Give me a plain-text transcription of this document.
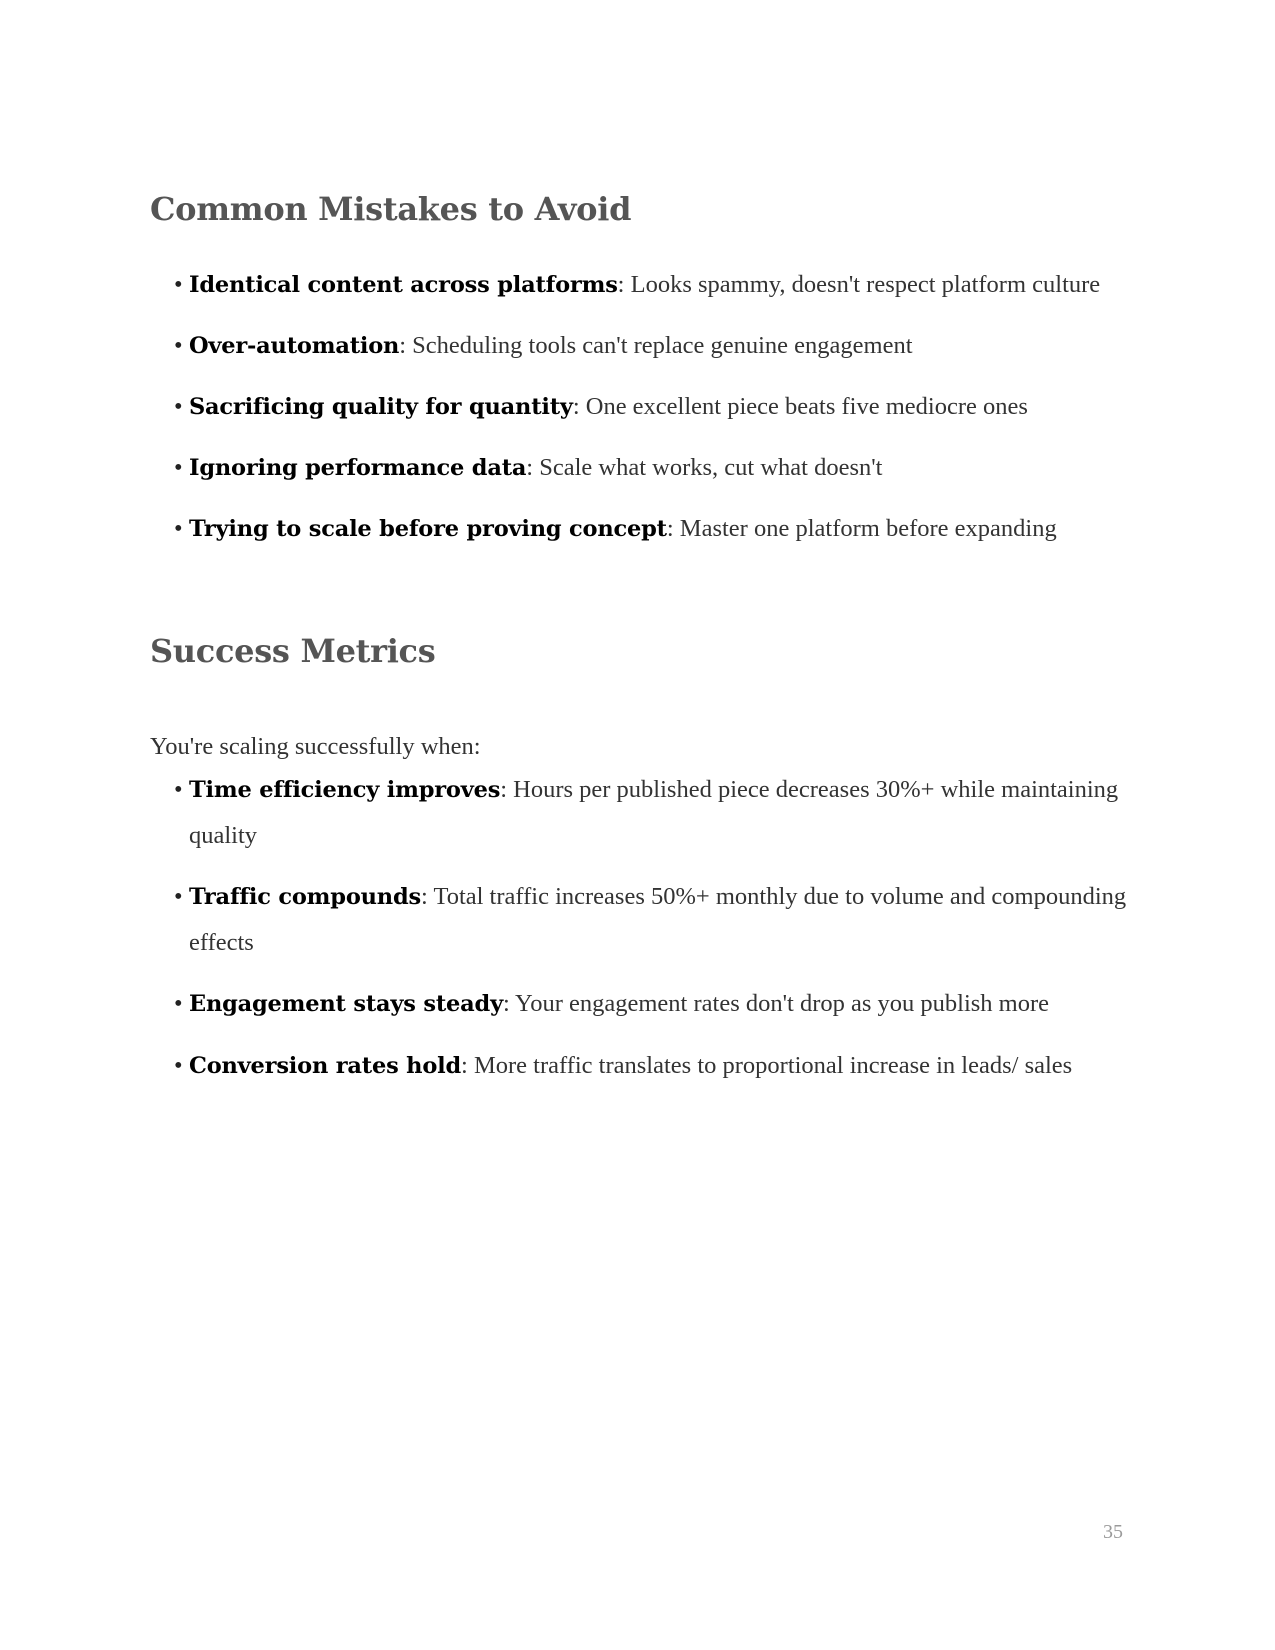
Common Mistakes to Avoid
• Identical content across platforms: Looks spammy, doesn't respect platform culture
• Over-automation: Scheduling tools can't replace genuine engagement
• Sacrificing quality for quantity: One excellent piece beats five mediocre ones
• Ignoring performance data: Scale what works, cut what doesn't
• Trying to scale before proving concept: Master one platform before expanding
Success Metrics

You're scaling successfully when:

• Time efficiency improves: Hours per published piece decreases 30%+ while maintaining quality
• Traffic compounds: Total traffic increases 50%+ monthly due to volume and compounding effects
• Engagement stays steady: Your engagement rates don't drop as you publish more
• Conversion rates hold: More traffic translates to proportional increase in leads/ sales
35
